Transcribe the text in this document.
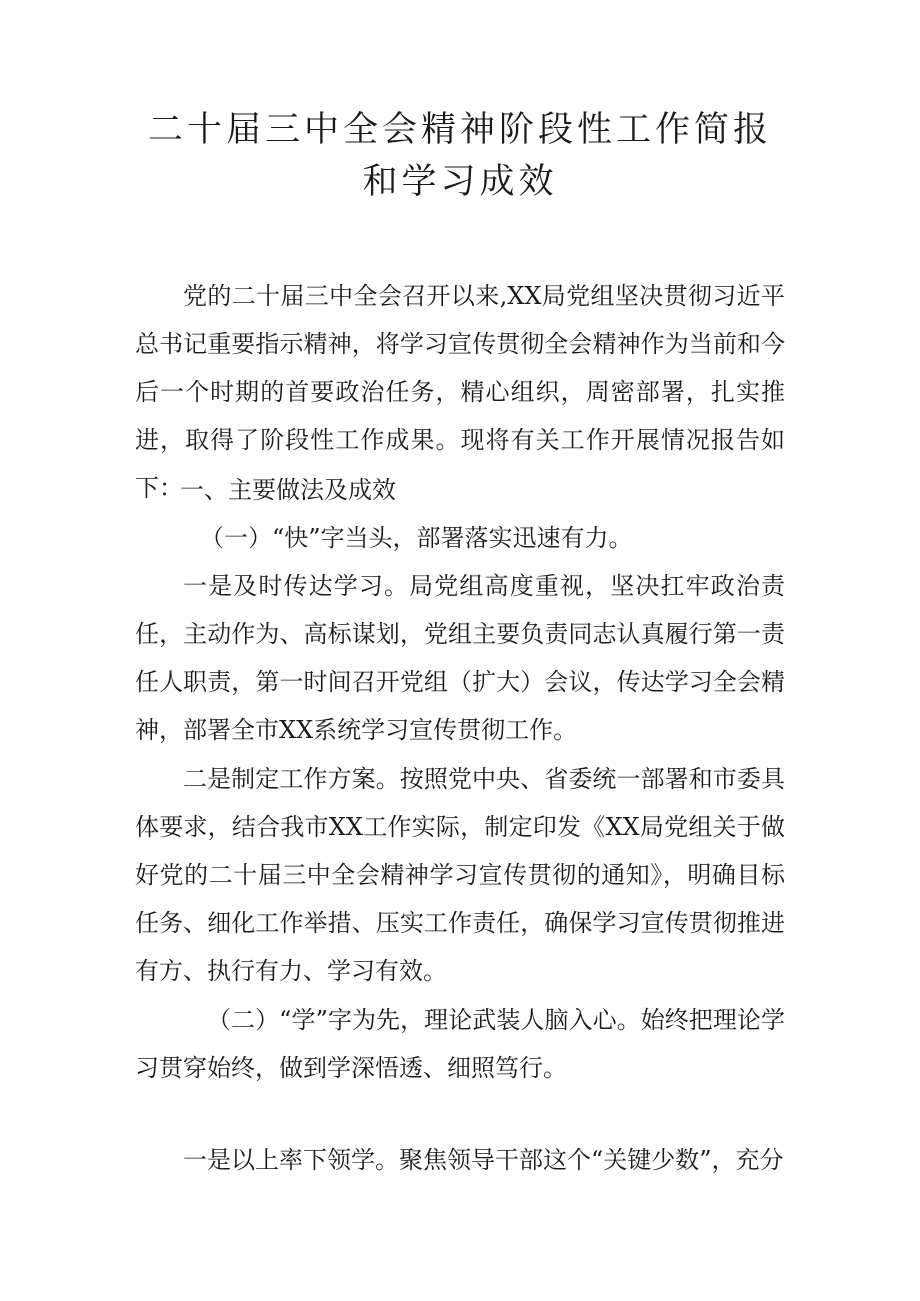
二十届三中全会精神阶段性工作简报和学习成效

党的二十届三中全会召开以来,XX局党组坚决贯彻习近平总书记重要指示精神，将学习宣传贯彻全会精神作为当前和今后一个时期的首要政治任务，精心组织，周密部署，扎实推进，取得了阶段性工作成果。现将有关工作开展情况报告如下：

一、主要做法及成效

（一）“快”字当头，部署落实迅速有力。

一是及时传达学习。局党组高度重视，坚决扛牢政治责任，主动作为、高标谋划，党组主要负责同志认真履行第一责任人职责，第一时间召开党组（扩大）会议，传达学习全会精神，部署全市XX系统学习宣传贯彻工作。

二是制定工作方案。按照党中央、省委统一部署和市委具体要求，结合我市XX工作实际，制定印发《XX局党组关于做好党的二十届三中全会精神学习宣传贯彻的通知》，明确目标任务、细化工作举措、压实工作责任，确保学习宣传贯彻推进有方、执行有力、学习有效。

（二）“学”字为先，理论武装人脑入心。始终把理论学习贯穿始终，做到学深悟透、细照笃行。

一是以上率下领学。聚焦领导干部这个“关键少数”，充分
